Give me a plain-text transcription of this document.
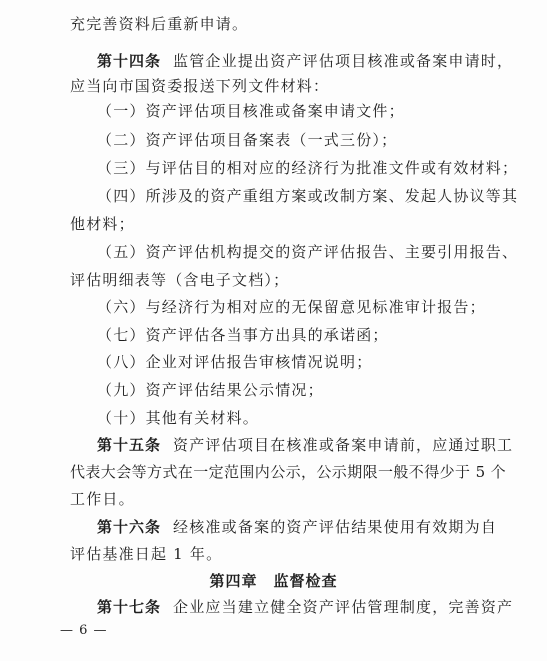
充完善资料后重新申请。
第十四条 监管企业提出资产评估项目核准或备案申请时，
应当向市国资委报送下列文件材料：
（一）资产评估项目核准或备案申请文件；
（二）资产评估项目备案表（一式三份）；
（三）与评估目的相对应的经济行为批准文件或有效材料；
（四）所涉及的资产重组方案或改制方案、发起人协议等其
他材料；
（五）资产评估机构提交的资产评估报告、主要引用报告、
评估明细表等（含电子文档）；
（六）与经济行为相对应的无保留意见标准审计报告；
（七）资产评估各当事方出具的承诺函；
（八）企业对评估报告审核情况说明；
（九）资产评估结果公示情况；
（十）其他有关材料。
第十五条 资产评估项目在核准或备案申请前，应通过职工
代表大会等方式在一定范围内公示，公示期限一般不得少于 5 个
工作日。
第十六条 经核准或备案的资产评估结果使用有效期为自
评估基准日起 1 年。
第四章　监督检查
第十七条 企业应当建立健全资产评估管理制度，完善资产
— 6 —
